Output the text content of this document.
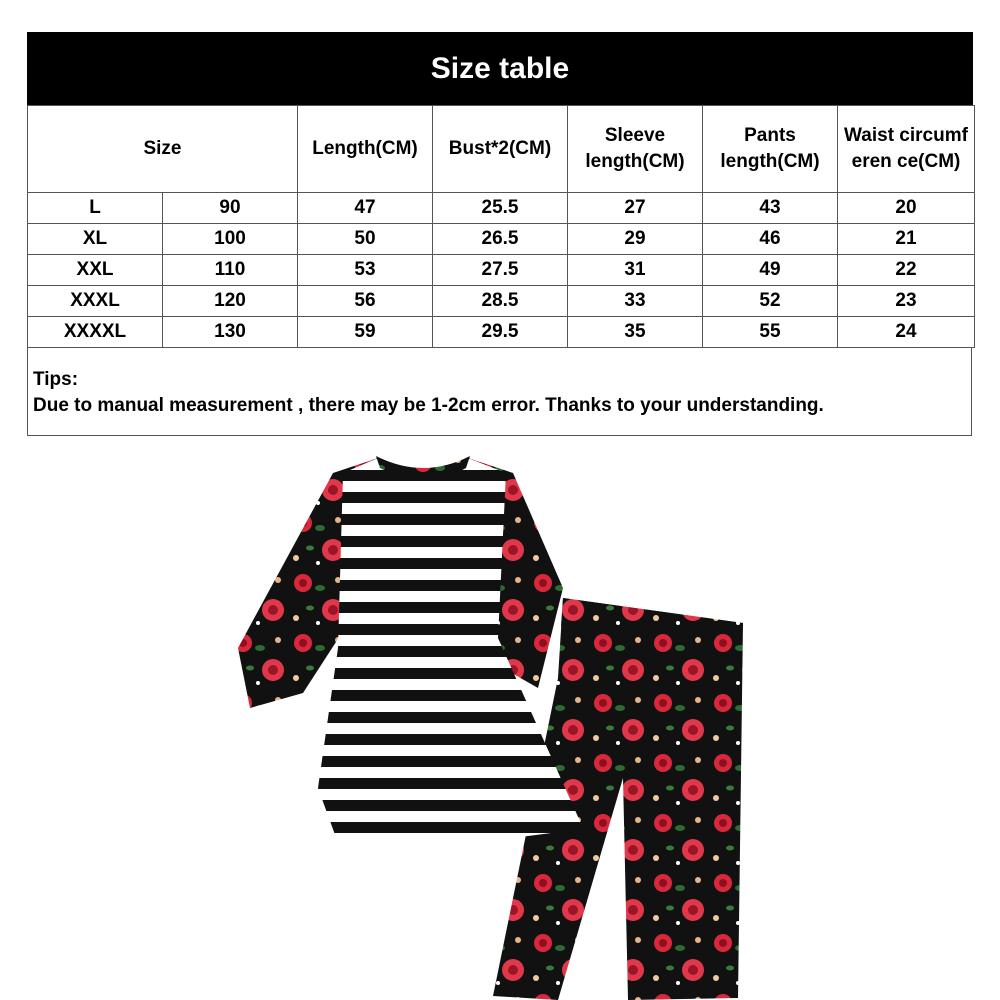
Size table
Size		Length(CM)	Bust*2(CM)	Sleeve length(CM)	Pants length(CM)	Waist circumferen ce(CM)
L	90	47	25.5	27	43	20
XL	100	50	26.5	29	46	21
XXL	110	53	27.5	31	49	22
XXXL	120	56	28.5	33	52	23
XXXXL	130	59	29.5	35	55	24
Tips:
Due to manual measurement , there may be 1-2cm error. Thanks to your understanding.
